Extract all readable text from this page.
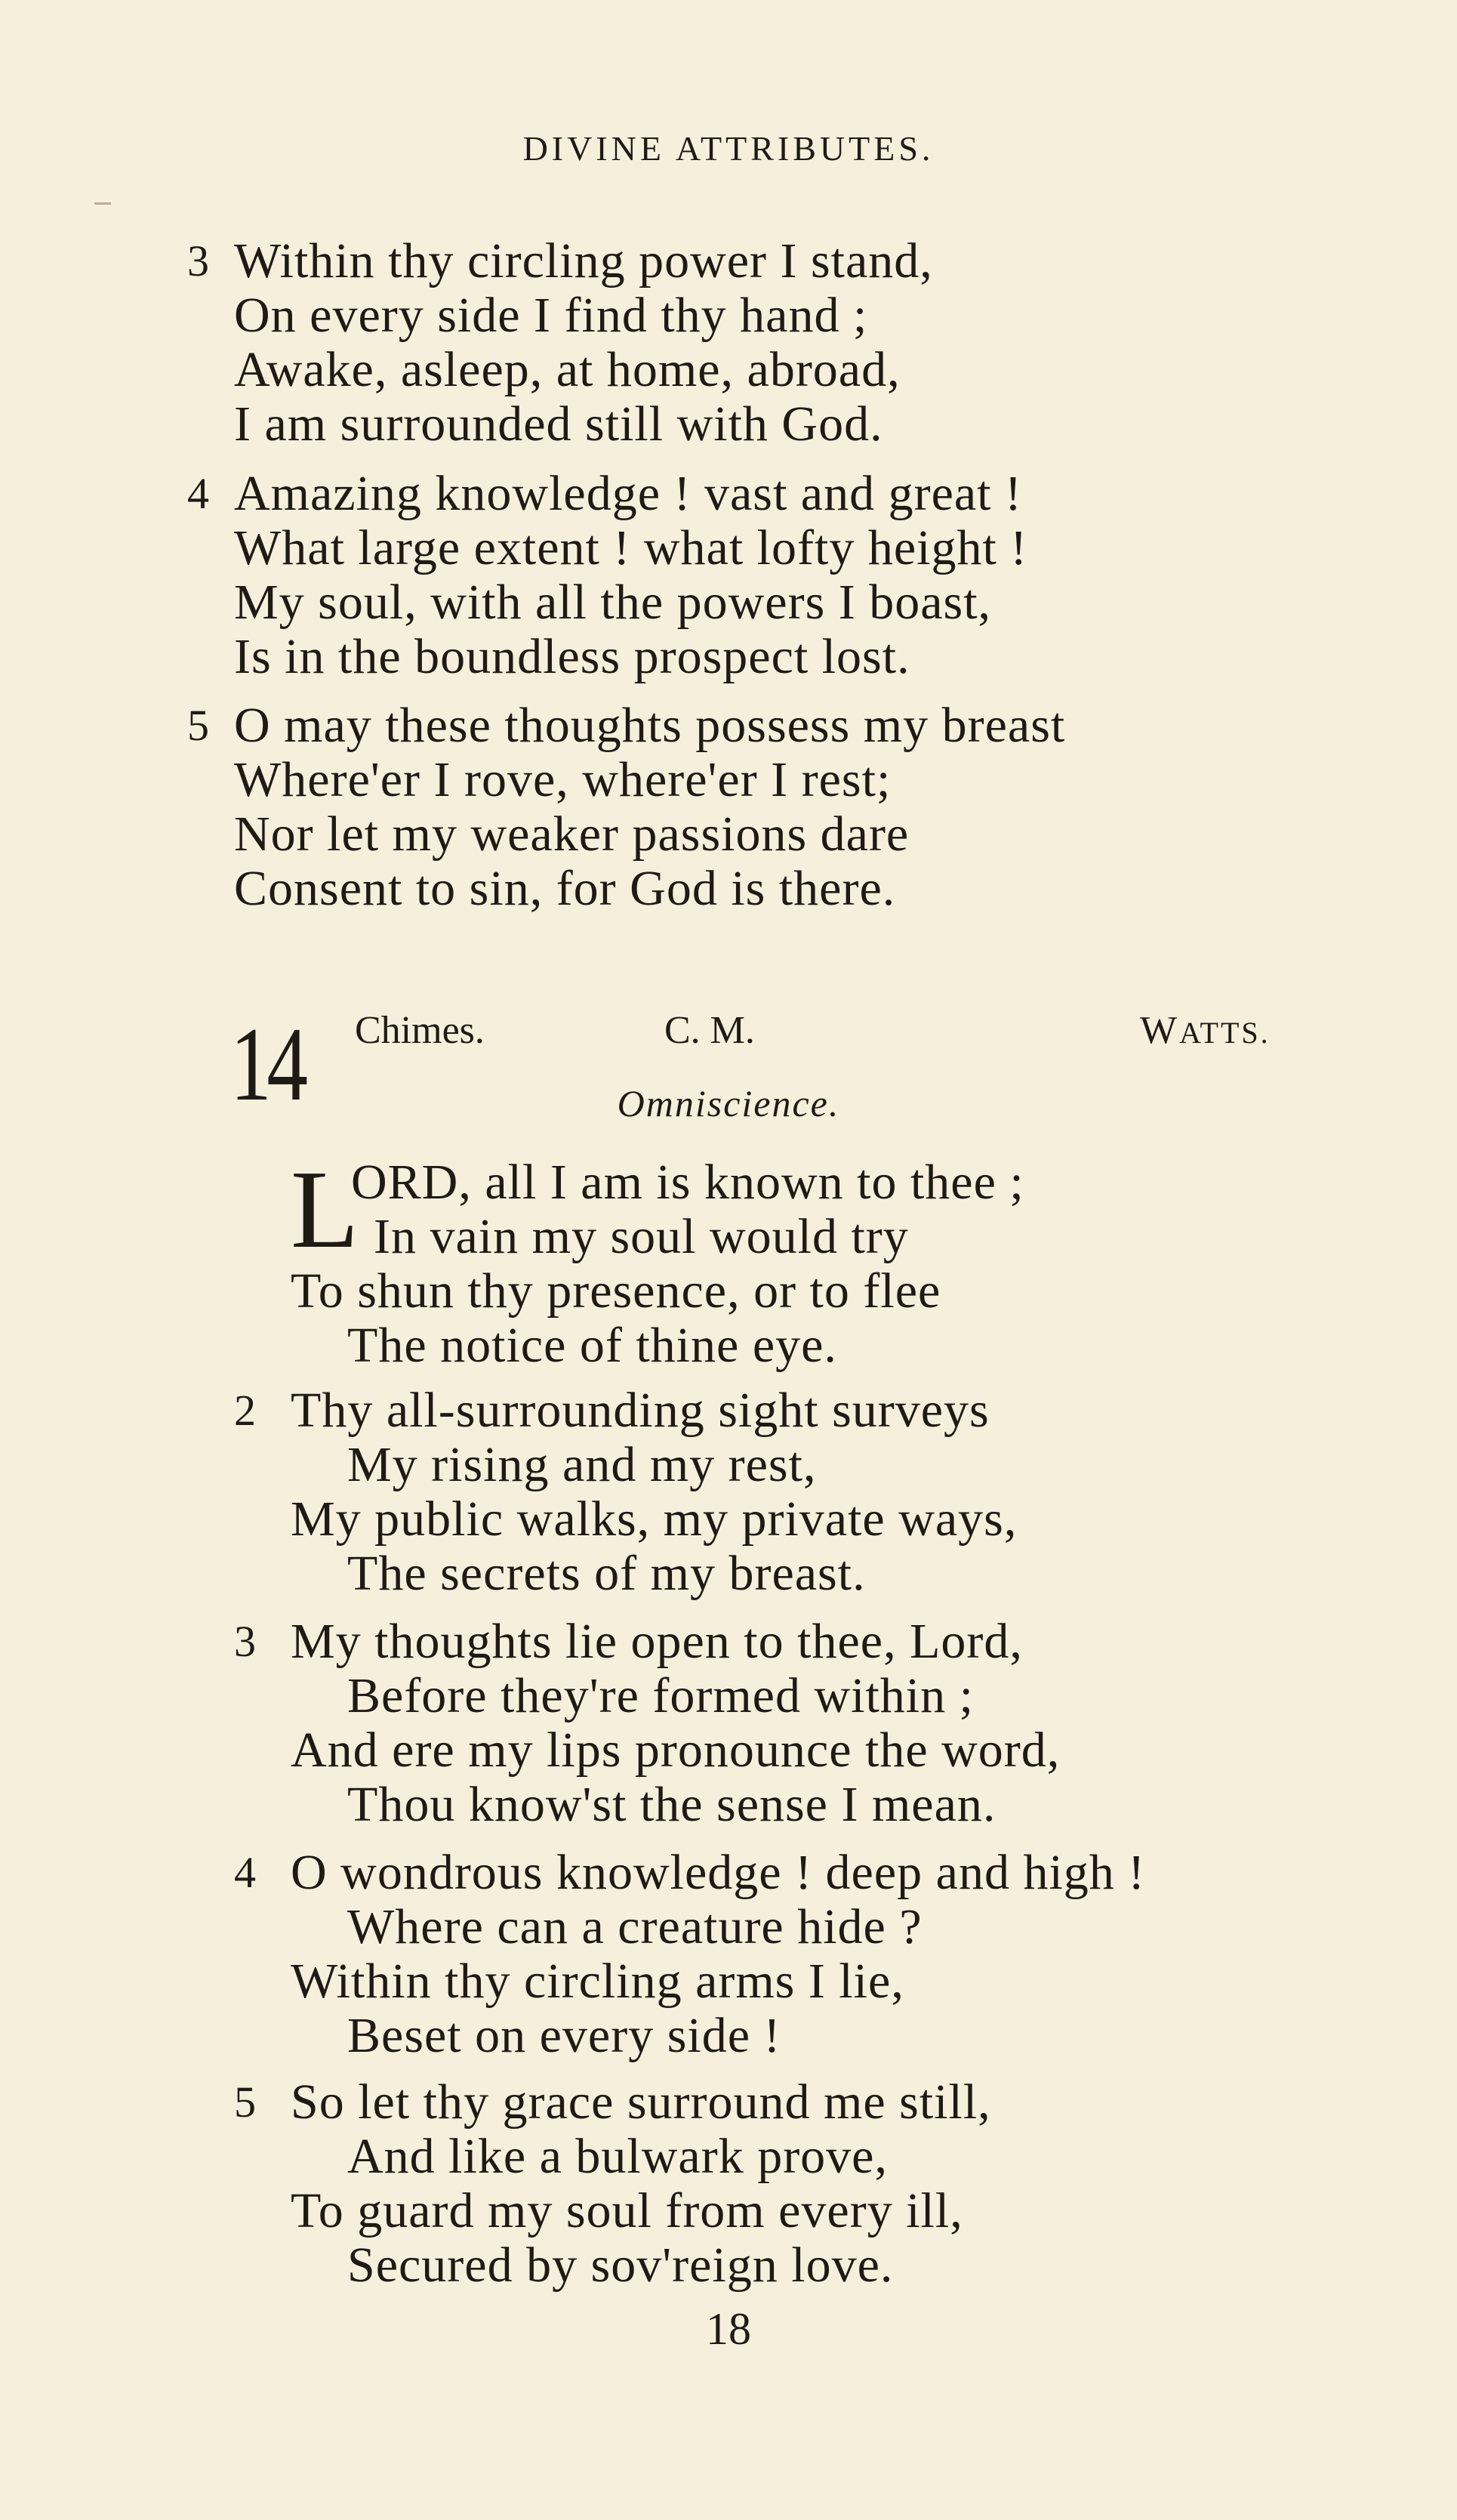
DIVINE ATTRIBUTES.
3 Within thy circling power I stand,
On every side I find thy hand ;
Awake, asleep, at home, abroad,
I am surrounded still with God.
4 Amazing knowledge ! vast and great !
What large extent ! what lofty height !
My soul, with all the powers I boast,
Is in the boundless prospect lost.
5 O may these thoughts possess my breast
Where'er I rove, where'er I rest;
Nor let my weaker passions dare
Consent to sin, for God is there.
14 Chimes.	C. M.	WATTS.
Omniscience.
L
ORD, all I am is known to thee ;
In vain my soul would try
To shun thy presence, or to flee
The notice of thine eye.
2 Thy all-surrounding sight surveys
My rising and my rest,
My public walks, my private ways,
The secrets of my breast.
3 My thoughts lie open to thee, Lord,
Before they're formed within ;
And ere my lips pronounce the word,
Thou know'st the sense I mean.
4 O wondrous knowledge ! deep and high !
Where can a creature hide ?
Within thy circling arms I lie,
Beset on every side !
5 So let thy grace surround me still,
And like a bulwark prove,
To guard my soul from every ill,
Secured by sov'reign love.
18
